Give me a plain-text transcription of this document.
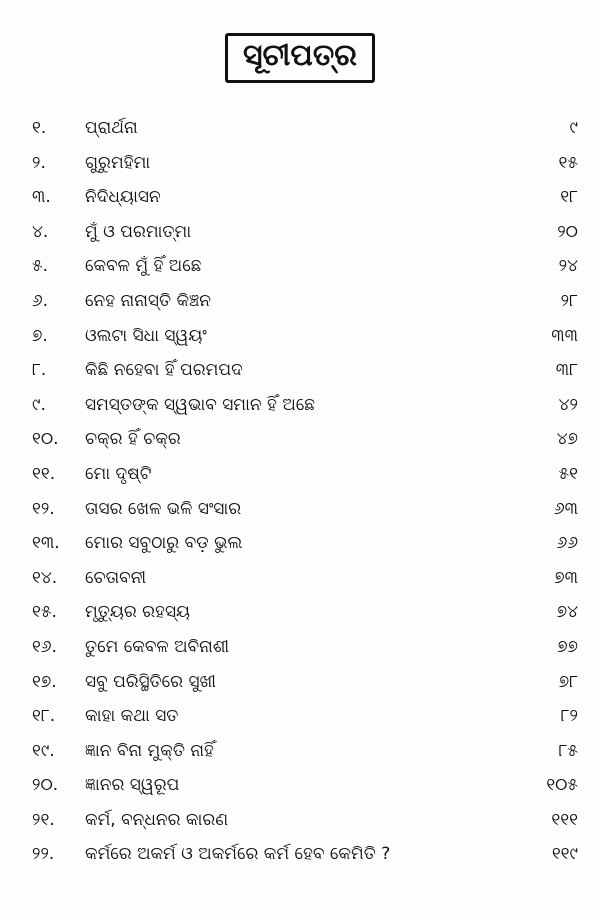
ସୂଚୀପତ୍ର
୧. ପ୍ରାର୍ଥନା	୯
୨. ଗୁରୁମହିମା	୧୫
୩. ନିଦିଧ୍ୟାସନ	୧୮
୪. ମୁଁ ଓ ପରମାତ୍ମା	୨୦
୫. କେବଳ ମୁଁ ହିଁ ଅଛେ	୨୪
୬. ନେହ ନାନାସ୍ତି କିଞ୍ଚନ	୨୮
୭. ଓଲଟା ସିଧା ସ୍ୱୟଂ	୩୩
୮. କିଛି ନହେବା ହିଁ ପରମପଦ	୩୮
୯. ସମସ୍ତଙ୍କ ସ୍ୱଭାବ ସମାନ ହିଁ ଅଛେ	୪୨
୧୦. ଚକ୍ର ହିଁ ଚକ୍ର	୪୭
୧୧. ମୋ ଦୃଷ୍ଟି	୫୧
୧୨. ତାସର ଖେଳ ଭଳି ସଂସାର	୬୩
୧୩. ମୋର ସବୁଠାରୁ ବଡ଼ ଭୁଲ	୬୬
୧୪. ଚେତାବନୀ	୭୩
୧୫. ମୃତ୍ୟୁର ରହସ୍ୟ	୭୪
୧୬. ତୁମେ କେବଳ ଅବିନାଶୀ	୭୭
୧୭. ସବୁ ପରିସ୍ଥିତିରେ ସୁଖୀ	୭୮
୧୮. କାହା କଥା ସତ	୮୨
୧୯. ଜ୍ଞାନ ବିନା ମୁକ୍ତି ନାହିଁ	୮୫
୨୦. ଜ୍ଞାନର ସ୍ୱରୂପ	୧୦୫
୨୧. କର୍ମ, ବନ୍ଧନର କାରଣ	୧୧୧
୨୨. କର୍ମରେ ଅକର୍ମ ଓ ଅକର୍ମରେ କର୍ମ ହେବ କେମିତି ?	୧୧୯
